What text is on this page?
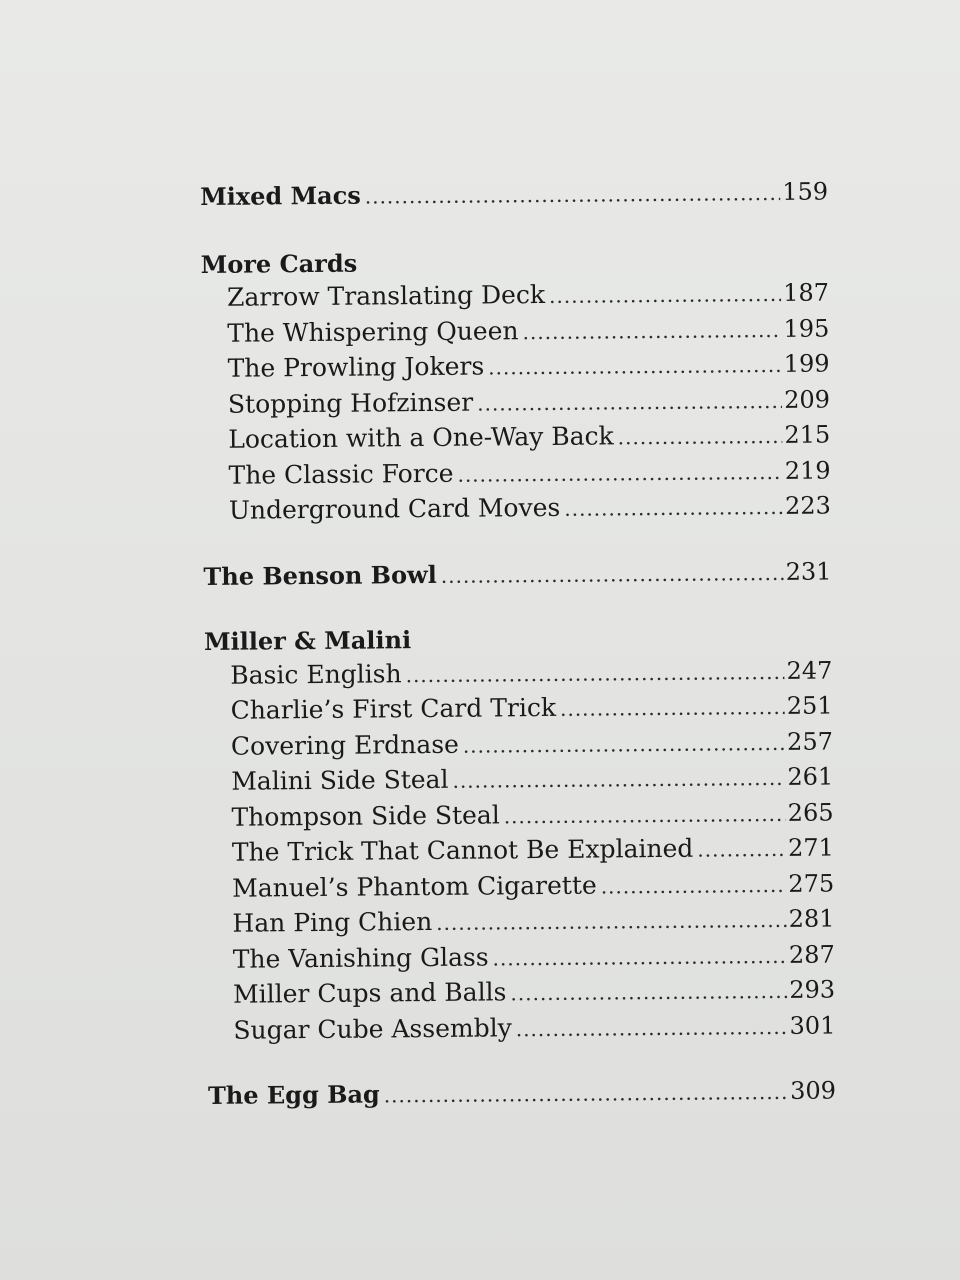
Mixed Macs .....	159
More Cards
Zarrow Translating Deck .....	187
The Whispering Queen .....	195
The Prowling Jokers .....	199
Stopping Hofzinser .....	209
Location with a One-Way Back .....	215
The Classic Force .....	219
Underground Card Moves .....	223
The Benson Bowl .....	231
Miller & Malini
Basic English .....	247
Charlie’s First Card Trick .....	251
Covering Erdnase .....	257
Malini Side Steal .....	261
Thompson Side Steal .....	265
The Trick That Cannot Be Explained .....	271
Manuel’s Phantom Cigarette .....	275
Han Ping Chien .....	281
The Vanishing Glass .....	287
Miller Cups and Balls .....	293
Sugar Cube Assembly .....	301
The Egg Bag .....	309
